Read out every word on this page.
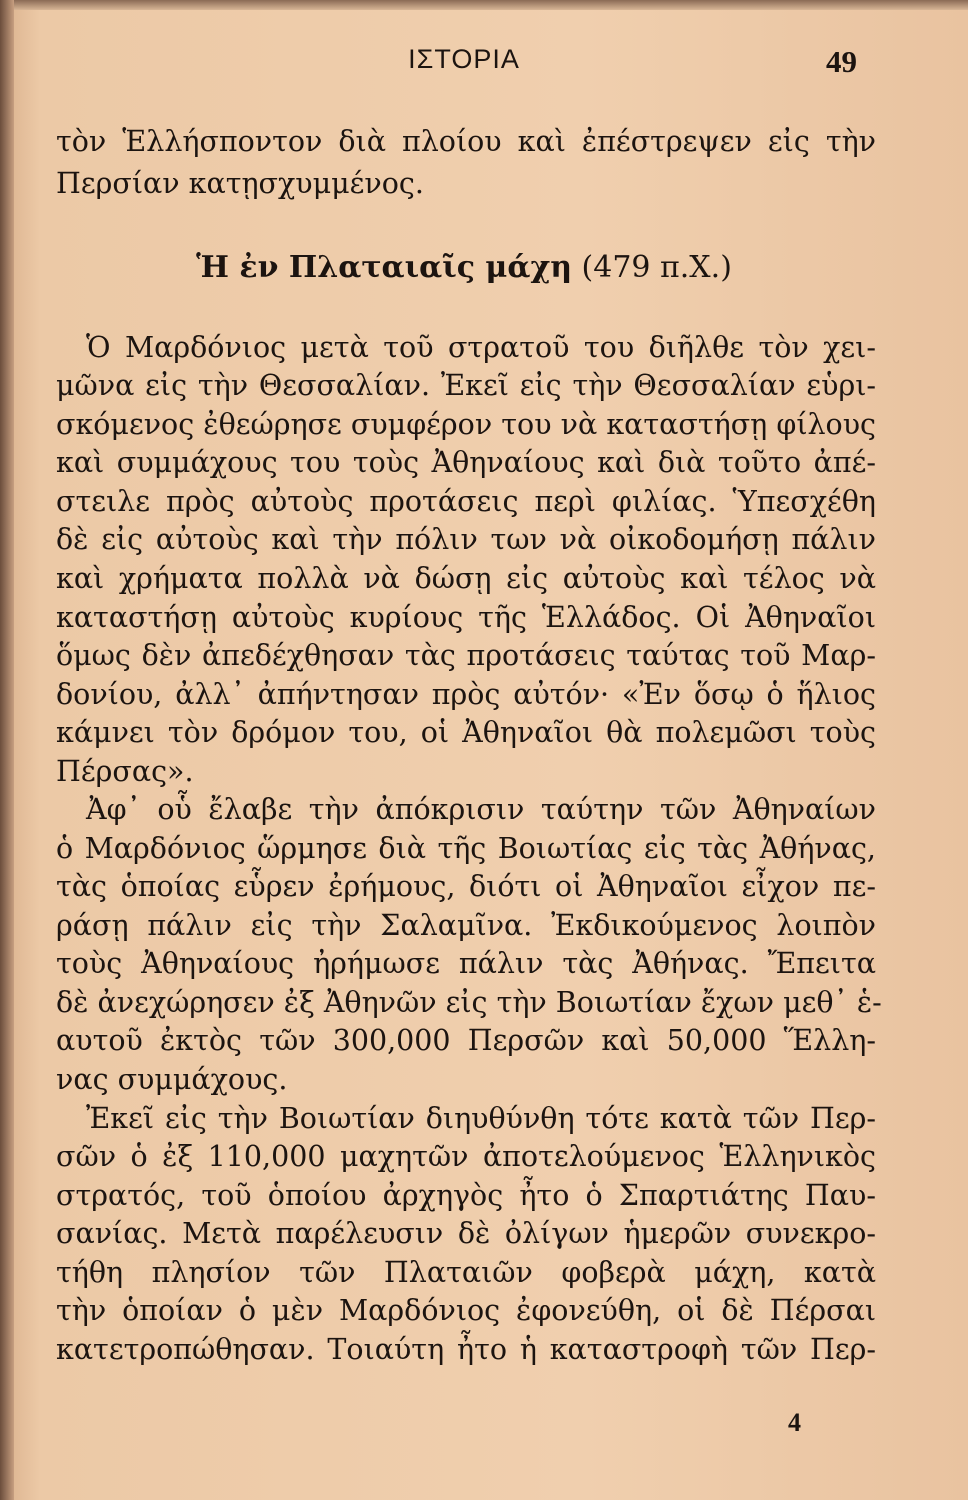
ΙΣΤΟΡΙΑ	49
τὸν Ἑλλήσποντον διὰ πλοίου καὶ ἐπέστρεψεν εἰς τὴν
Περσίαν κατῃσχυμμένος.
Ἡ ἐν Πλαταιαῖς μάχη (479 π.Χ.)
Ὁ Μαρδόνιος μετὰ τοῦ στρατοῦ του διῆλθε τὸν χει-
μῶνα εἰς τὴν Θεσσαλίαν. Ἐκεῖ εἰς τὴν Θεσσαλίαν εὑρι-
σκόμενος ἐθεώρησε συμφέρον του νὰ καταστήσῃ φίλους
καὶ συμμάχους του τοὺς Ἀθηναίους καὶ διὰ τοῦτο ἀπέ-
στειλε πρὸς αὐτοὺς προτάσεις περὶ φιλίας. Ὑπεσχέθη
δὲ εἰς αὐτοὺς καὶ τὴν πόλιν των νὰ οἰκοδομήσῃ πάλιν
καὶ χρήματα πολλὰ νὰ δώσῃ εἰς αὐτοὺς καὶ τέλος νὰ
καταστήσῃ αὐτοὺς κυρίους τῆς Ἑλλάδος. Οἱ Ἀθηναῖοι
ὅμως δὲν ἀπεδέχθησαν τὰς προτάσεις ταύτας τοῦ Μαρ-
δονίου, ἀλλ᾽ ἀπήντησαν πρὸς αὐτόν· «Ἐν ὅσῳ ὁ ἥλιος
κάμνει τὸν δρόμον του, οἱ Ἀθηναῖοι θὰ πολεμῶσι τοὺς
Πέρσας».
Ἀφ᾽ οὗ ἔλαβε τὴν ἀπόκρισιν ταύτην τῶν Ἀθηναίων
ὁ Μαρδόνιος ὥρμησε διὰ τῆς Βοιωτίας εἰς τὰς Ἀθήνας,
τὰς ὁποίας εὗρεν ἐρήμους, διότι οἱ Ἀθηναῖοι εἶχον πε-
ράσῃ πάλιν εἰς τὴν Σαλαμῖνα. Ἐκδικούμενος λοιπὸν
τοὺς Ἀθηναίους ἠρήμωσε πάλιν τὰς Ἀθήνας. Ἔπειτα
δὲ ἀνεχώρησεν ἐξ Ἀθηνῶν εἰς τὴν Βοιωτίαν ἔχων μεθ᾽ ἑ-
αυτοῦ ἐκτὸς τῶν 300,000 Περσῶν καὶ 50,000 Ἕλλη-
νας συμμάχους.
Ἐκεῖ εἰς τὴν Βοιωτίαν διηυθύνθη τότε κατὰ τῶν Περ-
σῶν ὁ ἐξ 110,000 μαχητῶν ἀποτελούμενος Ἑλληνικὸς
στρατός, τοῦ ὁποίου ἀρχηγὸς ἦτο ὁ Σπαρτιάτης Παυ-
σανίας. Μετὰ παρέλευσιν δὲ ὀλίγων ἡμερῶν συνεκρο-
τήθη πλησίον τῶν Πλαταιῶν φοβερὰ μάχη, κατὰ
τὴν ὁποίαν ὁ μὲν Μαρδόνιος ἐφονεύθη, οἱ δὲ Πέρσαι
κατετροπώθησαν. Τοιαύτη ἦτο ἡ καταστροφὴ τῶν Περ-
4
